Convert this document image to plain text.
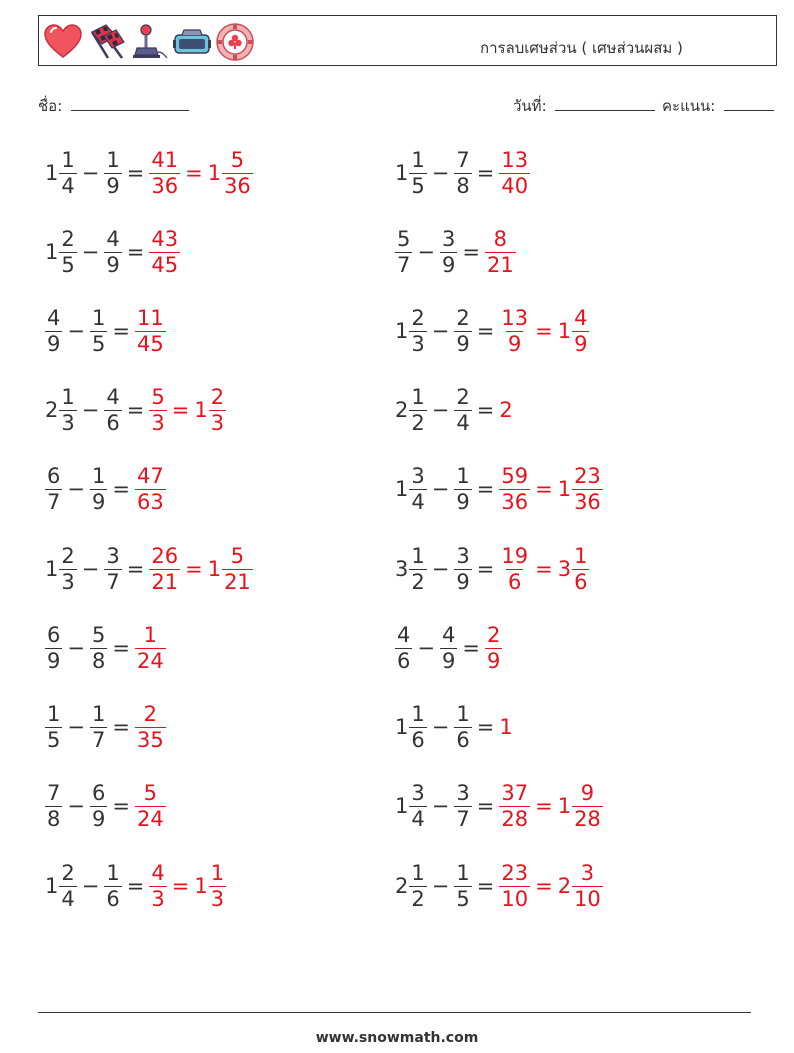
การลบเศษส่วน ( เศษส่วนผสม )
ชื่อ:	วันที่:	คะแนน:
$1 \frac{1}{4} - \frac{1}{9} = \frac{41}{36} = 1 \frac{5}{36}$	$1 \frac{1}{5} - \frac{7}{8} = \frac{13}{40}$
$1 \frac{2}{5} - \frac{4}{9} = \frac{43}{45}$	$\frac{5}{7} - \frac{3}{9} = \frac{8}{21}$
$\frac{4}{9} - \frac{1}{5} = \frac{11}{45}$	$1 \frac{2}{3} - \frac{2}{9} = \frac{13}{9} = 1 \frac{4}{9}$
$2 \frac{1}{3} - \frac{4}{6} = \frac{5}{3} = 1 \frac{2}{3}$	$2 \frac{1}{2} - \frac{2}{4} = 2$
$\frac{6}{7} - \frac{1}{9} = \frac{47}{63}$	$1 \frac{3}{4} - \frac{1}{9} = \frac{59}{36} = 1 \frac{23}{36}$
$1 \frac{2}{3} - \frac{3}{7} = \frac{26}{21} = 1 \frac{5}{21}$	$3 \frac{1}{2} - \frac{3}{9} = \frac{19}{6} = 3 \frac{1}{6}$
$\frac{6}{9} - \frac{5}{8} = \frac{1}{24}$	$\frac{4}{6} - \frac{4}{9} = \frac{2}{9}$
$\frac{1}{5} - \frac{1}{7} = \frac{2}{35}$	$1 \frac{1}{6} - \frac{1}{6} = 1$
$\frac{7}{8} - \frac{6}{9} = \frac{5}{24}$	$1 \frac{3}{4} - \frac{3}{7} = \frac{37}{28} = 1 \frac{9}{28}$
$1 \frac{2}{4} - \frac{1}{6} = \frac{4}{3} = 1 \frac{1}{3}$	$2 \frac{1}{2} - \frac{1}{5} = \frac{23}{10} = 2 \frac{3}{10}$
www.snowmath.com
